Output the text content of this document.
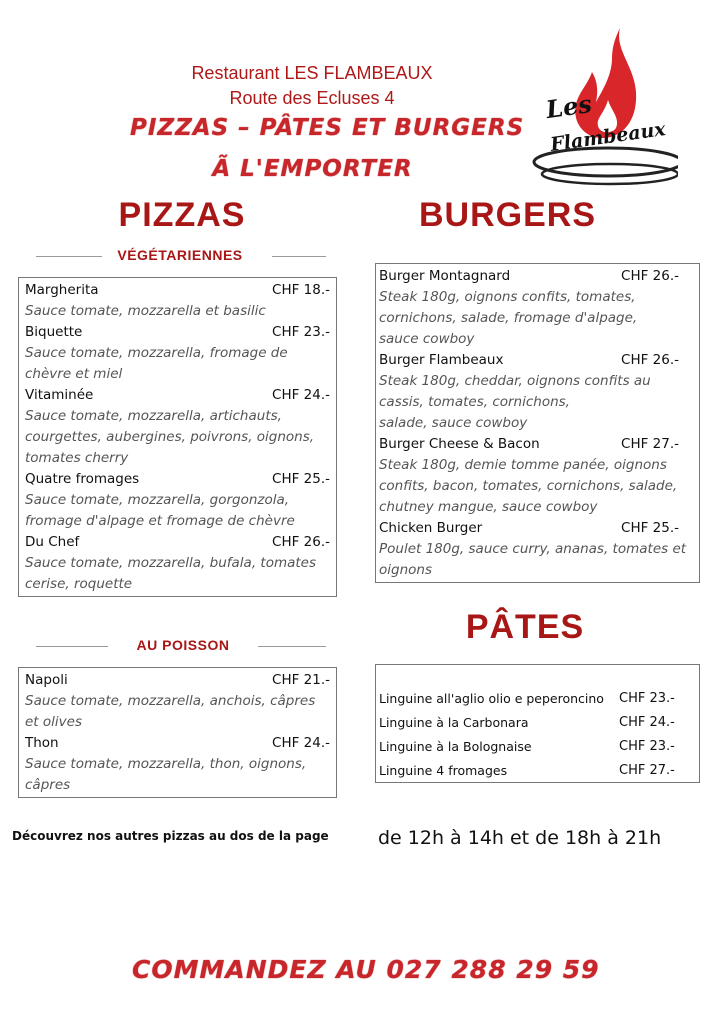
Restaurant LES FLAMBEAUX
Route des Ecluses 4
PIZZAS – PÂTES ET BURGERS
Ã L'EMPORTER
Les
Flambeaux
PIZZAS	BURGERS
VÉGÉTARIENNES
Margherita	CHF 18.-
Sauce tomate, mozzarella et basilic
Biquette	CHF 23.-
Sauce tomate, mozzarella, fromage de
chèvre et miel
Vitaminée	CHF 24.-
Sauce tomate, mozzarella, artichauts,
courgettes, aubergines, poivrons, oignons,
tomates cherry
Quatre fromages	CHF 25.-
Sauce tomate, mozzarella, gorgonzola,
fromage d'alpage et fromage de chèvre
Du Chef	CHF 26.-
Sauce tomate, mozzarella, bufala, tomates
cerise, roquette
AU POISSON
Napoli	CHF 21.-
Sauce tomate, mozzarella, anchois, câpres
et olives
Thon	CHF 24.-
Sauce tomate, mozzarella, thon, oignons,
câpres
Burger Montagnard	CHF 26.-
Steak 180g, oignons confits, tomates,
cornichons, salade, fromage d'alpage,
sauce cowboy
Burger Flambeaux	CHF 26.-
Steak 180g, cheddar, oignons confits au
cassis, tomates, cornichons,
salade, sauce cowboy
Burger Cheese & Bacon	CHF 27.-
Steak 180g, demie tomme panée, oignons
confits, bacon, tomates, cornichons, salade,
chutney mangue, sauce cowboy
Chicken Burger	CHF 25.-
Poulet 180g, sauce curry, ananas, tomates et
oignons
PÂTES
Linguine all'aglio olio e peperoncino CHF 23.-
Linguine à la Carbonara	CHF 24.-
Linguine à la Bolognaise	CHF 23.-
Linguine 4 fromages	CHF 27.-
Découvrez nos autres pizzas au dos de la page	de 12h à 14h et de 18h à 21h
COMMANDEZ AU 027 288 29 59
